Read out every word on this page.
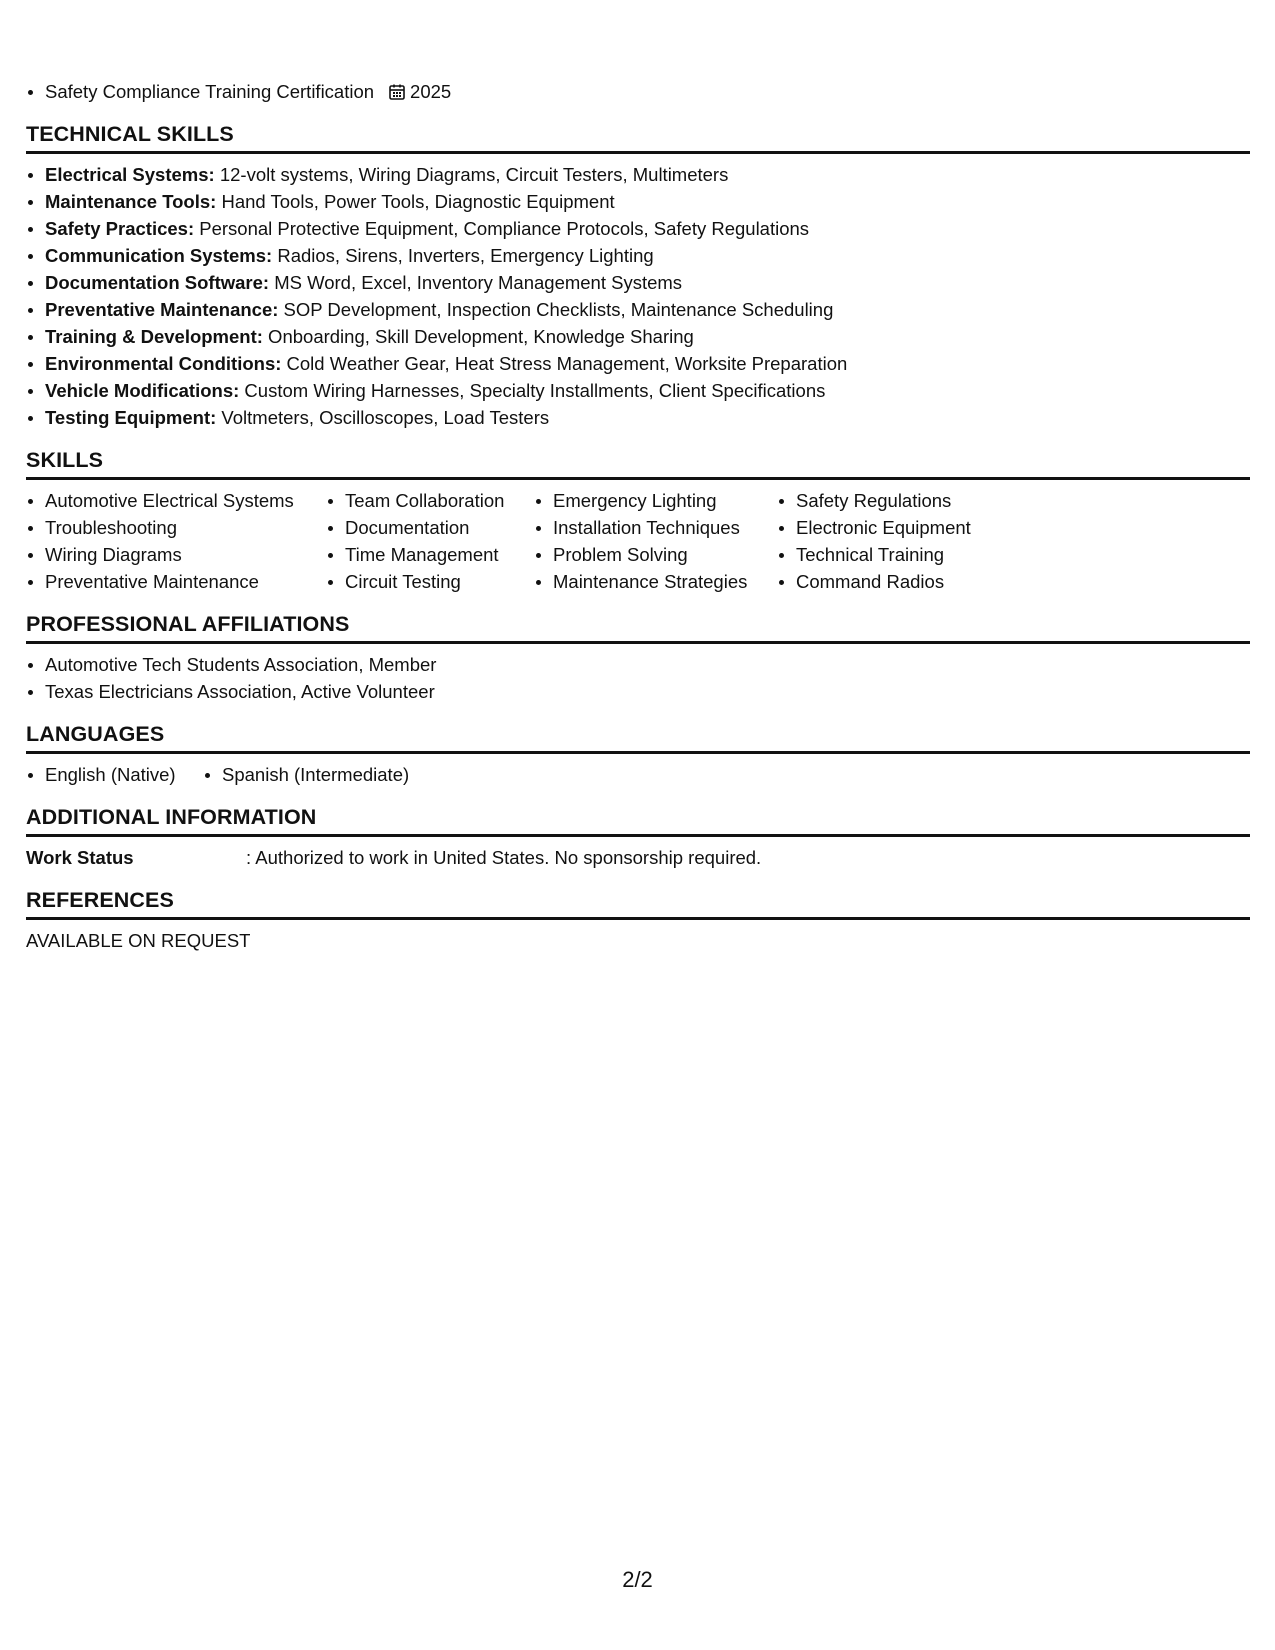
Safety Compliance Training Certification 2025
TECHNICAL SKILLS
Electrical Systems: 12-volt systems, Wiring Diagrams, Circuit Testers, Multimeters
Maintenance Tools: Hand Tools, Power Tools, Diagnostic Equipment
Safety Practices: Personal Protective Equipment, Compliance Protocols, Safety Regulations
Communication Systems: Radios, Sirens, Inverters, Emergency Lighting
Documentation Software: MS Word, Excel, Inventory Management Systems
Preventative Maintenance: SOP Development, Inspection Checklists, Maintenance Scheduling
Training & Development: Onboarding, Skill Development, Knowledge Sharing
Environmental Conditions: Cold Weather Gear, Heat Stress Management, Worksite Preparation
Vehicle Modifications: Custom Wiring Harnesses, Specialty Installments, Client Specifications
Testing Equipment: Voltmeters, Oscilloscopes, Load Testers
SKILLS
Automotive Electrical Systems
Troubleshooting
Wiring Diagrams
Preventative Maintenance
Team Collaboration
Documentation
Time Management
Circuit Testing
Emergency Lighting
Installation Techniques
Problem Solving
Maintenance Strategies
Safety Regulations
Electronic Equipment
Technical Training
Command Radios
PROFESSIONAL AFFILIATIONS
Automotive Tech Students Association, Member
Texas Electricians Association, Active Volunteer
LANGUAGES
English (Native)	Spanish (Intermediate)
ADDITIONAL INFORMATION
Work Status	: Authorized to work in United States. No sponsorship required.
REFERENCES
AVAILABLE ON REQUEST
2/2
